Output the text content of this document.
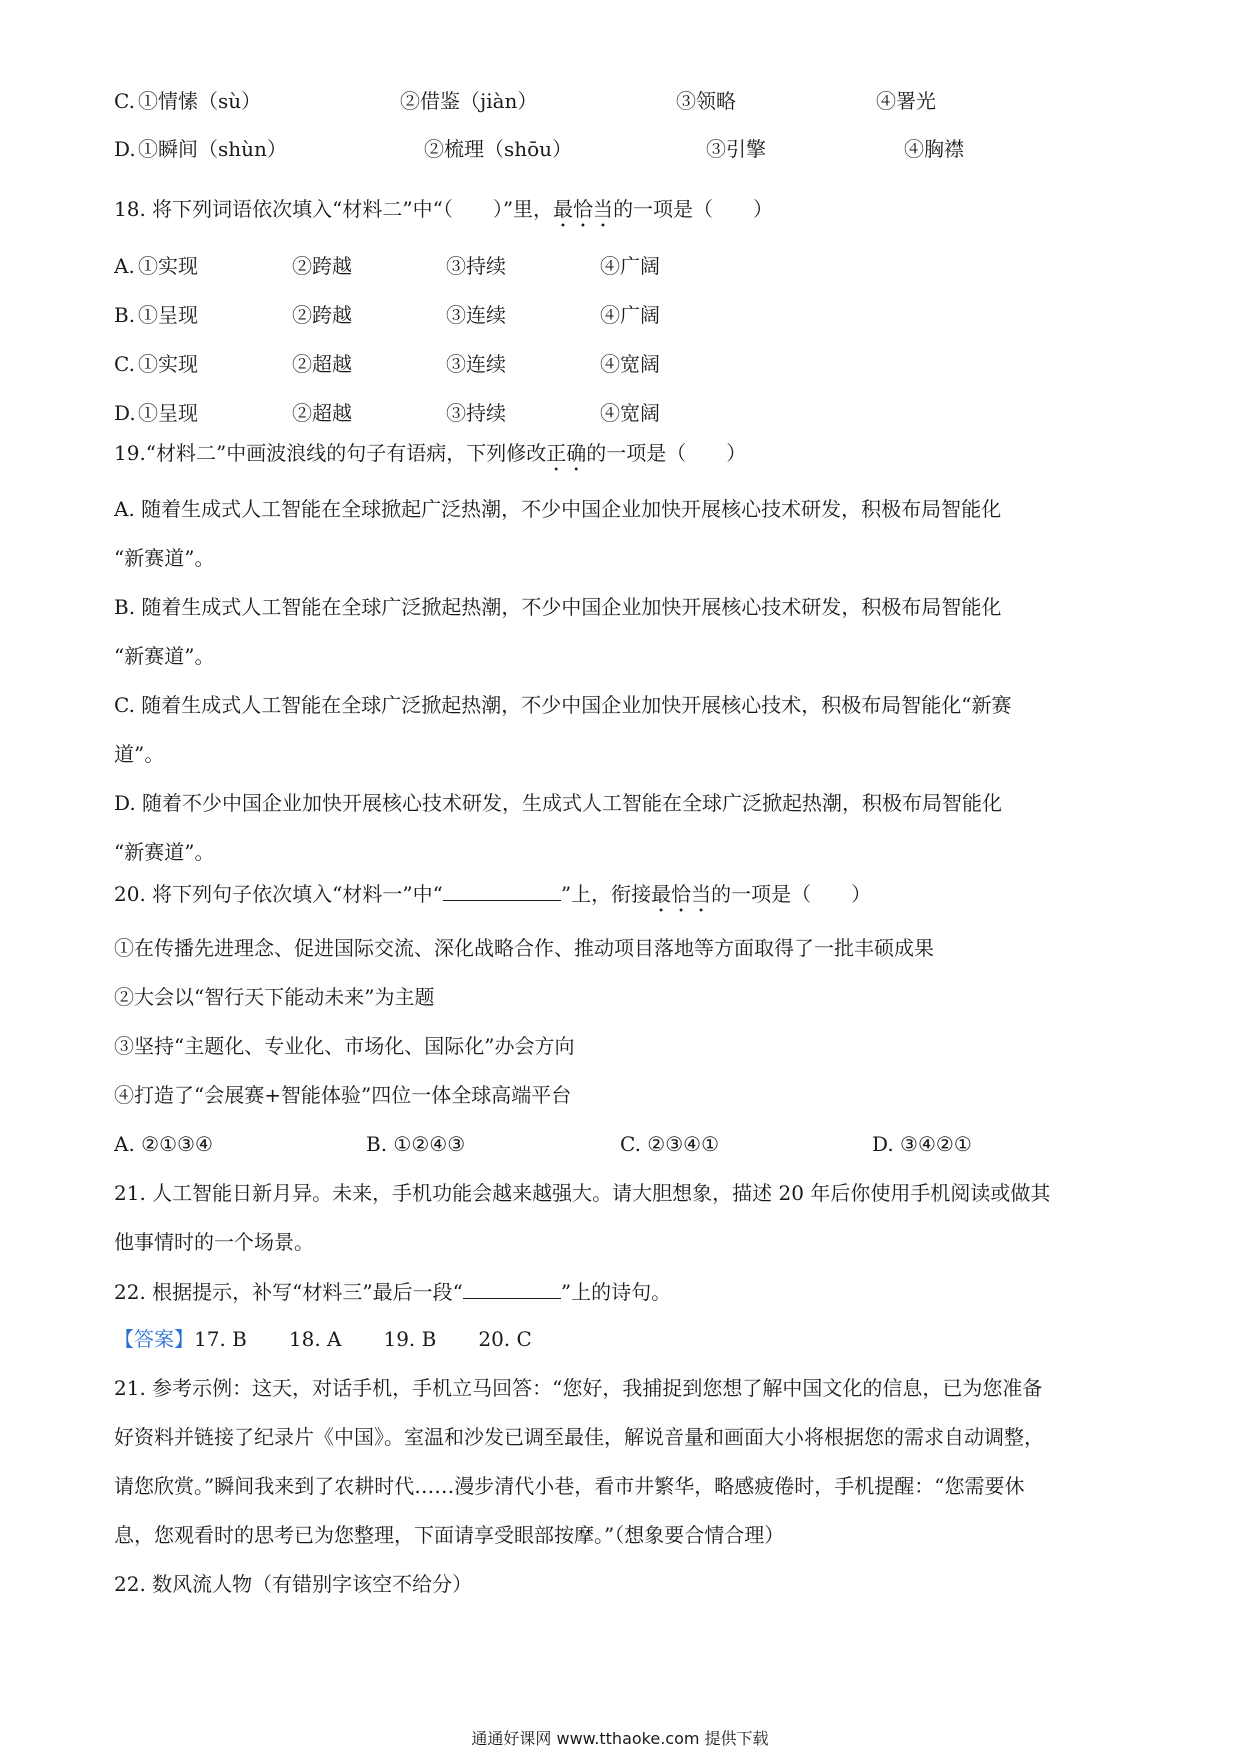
C. ①情愫（sù）	②借鉴（jiàn）	③领略	④署光
D. ①瞬间（shùn）	②梳理（shōu）	③引擎	④胸襟
18. 将下列词语依次填入“材料二”中“（　　）”里，最恰当的一项是（　　）
A. ①实现	②跨越	③持续	④广阔
B. ①呈现	②跨越	③连续	④广阔
C. ①实现	②超越	③连续	④宽阔
D. ①呈现	②超越	③持续	④宽阔
19.“材料二”中画波浪线的句子有语病，下列修改正确的一项是（　　）
A. 随着生成式人工智能在全球掀起广泛热潮，不少中国企业加快开展核心技术研发，积极布局智能化
“新赛道”。
B. 随着生成式人工智能在全球广泛掀起热潮，不少中国企业加快开展核心技术研发，积极布局智能化
“新赛道”。
C. 随着生成式人工智能在全球广泛掀起热潮，不少中国企业加快开展核心技术，积极布局智能化“新赛
道”。
D. 随着不少中国企业加快开展核心技术研发，生成式人工智能在全球广泛掀起热潮，积极布局智能化
“新赛道”。
20. 将下列句子依次填入“材料一”中“	”上，衔接最恰当的一项是（　　）
①在传播先进理念、促进国际交流、深化战略合作、推动项目落地等方面取得了一批丰硕成果
②大会以“智行天下能动未来”为主题
③坚持“主题化、专业化、市场化、国际化”办会方向
④打造了“会展赛+智能体验”四位一体全球高端平台
A. ②①③④	B. ①②④③	C. ②③④①	D. ③④②①
21. 人工智能日新月异。未来，手机功能会越来越强大。请大胆想象，描述 20 年后你使用手机阅读或做其
他事情时的一个场景。
22. 根据提示，补写“材料三”最后一段“	”上的诗句。
【答案】17. B 18. A 19. B 20. C
21. 参考示例：这天，对话手机，手机立马回答：“您好，我捕捉到您想了解中国文化的信息，已为您准备
好资料并链接了纪录片《中国》。室温和沙发已调至最佳，解说音量和画面大小将根据您的需求自动调整，
请您欣赏。”瞬间我来到了农耕时代……漫步清代小巷，看市井繁华，略感疲倦时，手机提醒：“您需要休
息，您观看时的思考已为您整理，下面请享受眼部按摩。”（想象要合情合理）
22. 数风流人物（有错别字该空不给分）
通通好课网 www.tthaoke.com 提供下载
